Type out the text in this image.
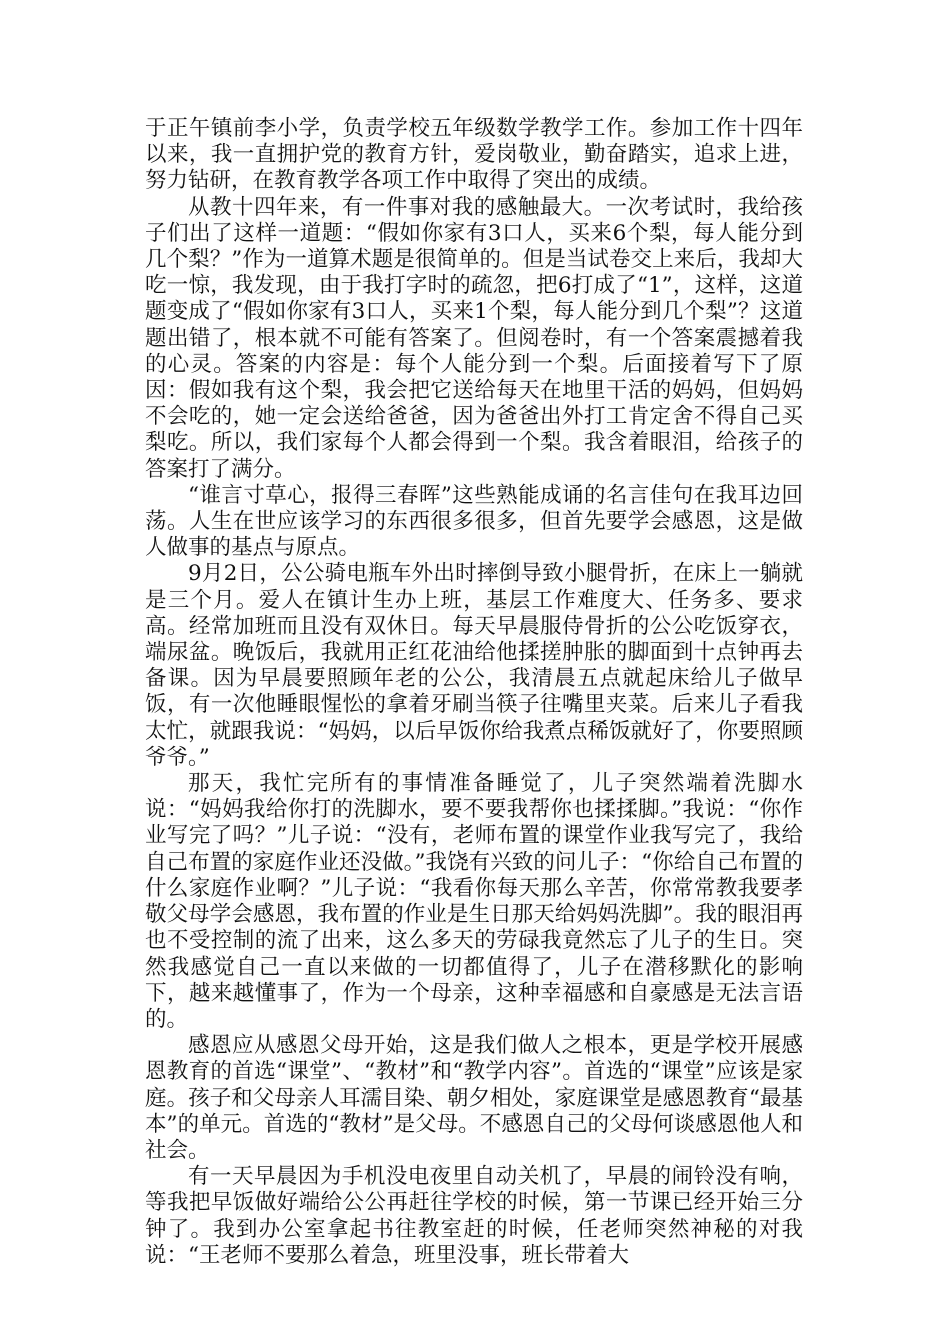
于正午镇前李小学，负责学校五年级数学教学工作。参加工作十四年以来，我一直拥护党的教育方针，爱岗敬业，勤奋踏实，追求上进，努力钻研，在教育教学各项工作中取得了突出的成绩。

从教十四年来，有一件事对我的感触最大。一次考试时，我给孩子们出了这样一道题：“假如你家有3口人，买来6个梨，每人能分到几个梨？”作为一道算术题是很简单的。但是当试卷交上来后，我却大吃一惊，我发现，由于我打字时的疏忽，把6打成了“1”，这样，这道题变成了“假如你家有3口人，买来1个梨，每人能分到几个梨”？这道题出错了，根本就不可能有答案了。但阅卷时，有一个答案震撼着我的心灵。答案的内容是：每个人能分到一个梨。后面接着写下了原因：假如我有这个梨，我会把它送给每天在地里干活的妈妈，但妈妈不会吃的，她一定会送给爸爸，因为爸爸出外打工肯定舍不得自己买梨吃。所以，我们家每个人都会得到一个梨。我含着眼泪，给孩子的答案打了满分。

“谁言寸草心，报得三春晖”这些熟能成诵的名言佳句在我耳边回荡。人生在世应该学习的东西很多很多，但首先要学会感恩，这是做人做事的基点与原点。

9月2日，公公骑电瓶车外出时摔倒导致小腿骨折，在床上一躺就是三个月。爱人在镇计生办上班，基层工作难度大、任务多、要求高。经常加班而且没有双休日。每天早晨服侍骨折的公公吃饭穿衣，端尿盆。晚饭后，我就用正红花油给他揉搓肿胀的脚面到十点钟再去备课。因为早晨要照顾年老的公公，我清晨五点就起床给儿子做早饭，有一次他睡眼惺忪的拿着牙刷当筷子往嘴里夹菜。后来儿子看我太忙，就跟我说：“妈妈，以后早饭你给我煮点稀饭就好了，你要照顾爷爷。”

那天，我忙完所有的事情准备睡觉了，儿子突然端着洗脚水说：“妈妈我给你打的洗脚水，要不要我帮你也揉揉脚。”我说：“你作业写完了吗？”儿子说：“没有，老师布置的课堂作业我写完了，我给自己布置的家庭作业还没做。”我饶有兴致的问儿子：“你给自己布置的什么家庭作业啊？”儿子说：“我看你每天那么辛苦，你常常教我要孝敬父母学会感恩，我布置的作业是生日那天给妈妈洗脚”。我的眼泪再也不受控制的流了出来，这么多天的劳碌我竟然忘了儿子的生日。突然我感觉自己一直以来做的一切都值得了，儿子在潜移默化的影响下，越来越懂事了，作为一个母亲，这种幸福感和自豪感是无法言语的。

感恩应从感恩父母开始，这是我们做人之根本，更是学校开展感恩教育的首选“课堂”、“教材”和“教学内容”。首选的“课堂”应该是家庭。孩子和父母亲人耳濡目染、朝夕相处，家庭课堂是感恩教育“最基本”的单元。首选的“教材”是父母。不感恩自己的父母何谈感恩他人和社会。

有一天早晨因为手机没电夜里自动关机了，早晨的闹铃没有响，等我把早饭做好端给公公再赶往学校的时候，第一节课已经开始三分钟了。我到办公室拿起书往教室赶的时候，任老师突然神秘的对我说：“王老师不要那么着急，班里没事，班长带着大
